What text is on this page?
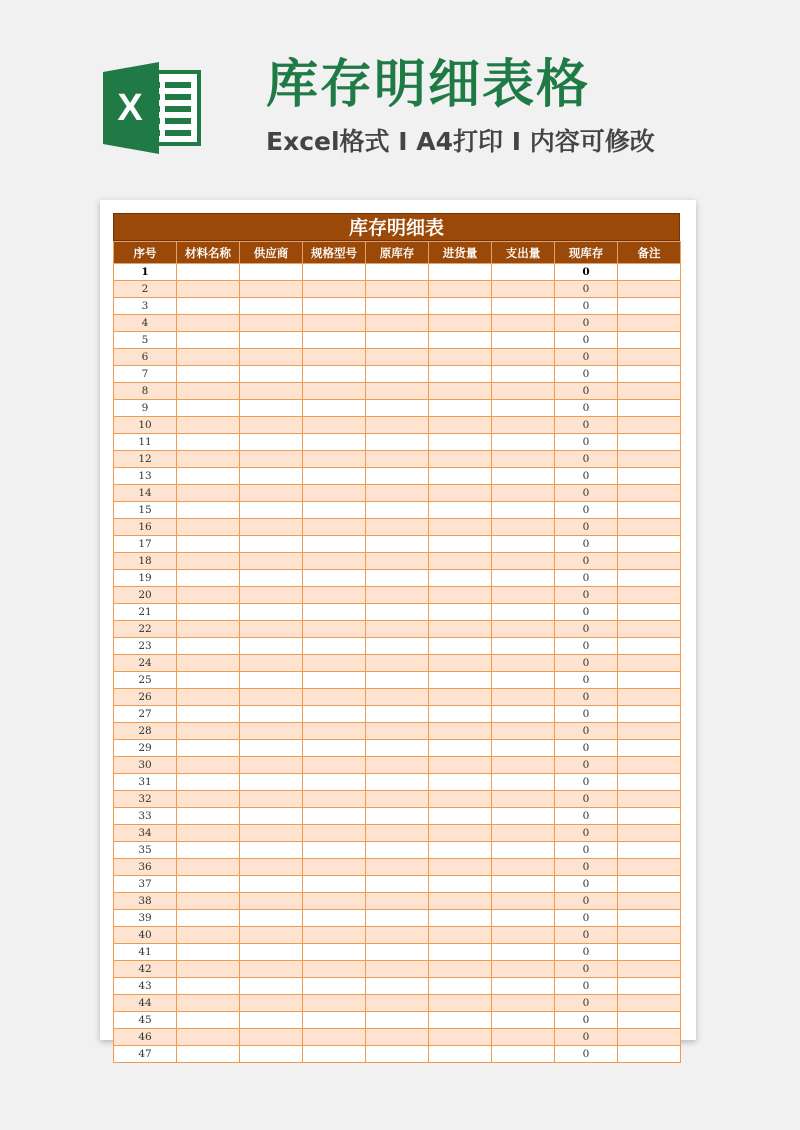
X 库存明细表格
Excel格式 I A4打印 I 内容可修改
库存明细表
序号	材料名称	供应商	规格型号	原库存	进货量	支出量	现库存	备注
1							0	
2							0	
3							0	
4							0	
5							0	
6							0	
7							0	
8							0	
9							0	
10							0	
11							0	
12							0	
13							0	
14							0	
15							0	
16							0	
17							0	
18							0	
19							0	
20							0	
21							0	
22							0	
23							0	
24							0	
25							0	
26							0	
27							0	
28							0	
29							0	
30							0	
31							0	
32							0	
33							0	
34							0	
35							0	
36							0	
37							0	
38							0	
39							0	
40							0	
41							0	
42							0	
43							0	
44							0	
45							0	
46							0	
47							0	
